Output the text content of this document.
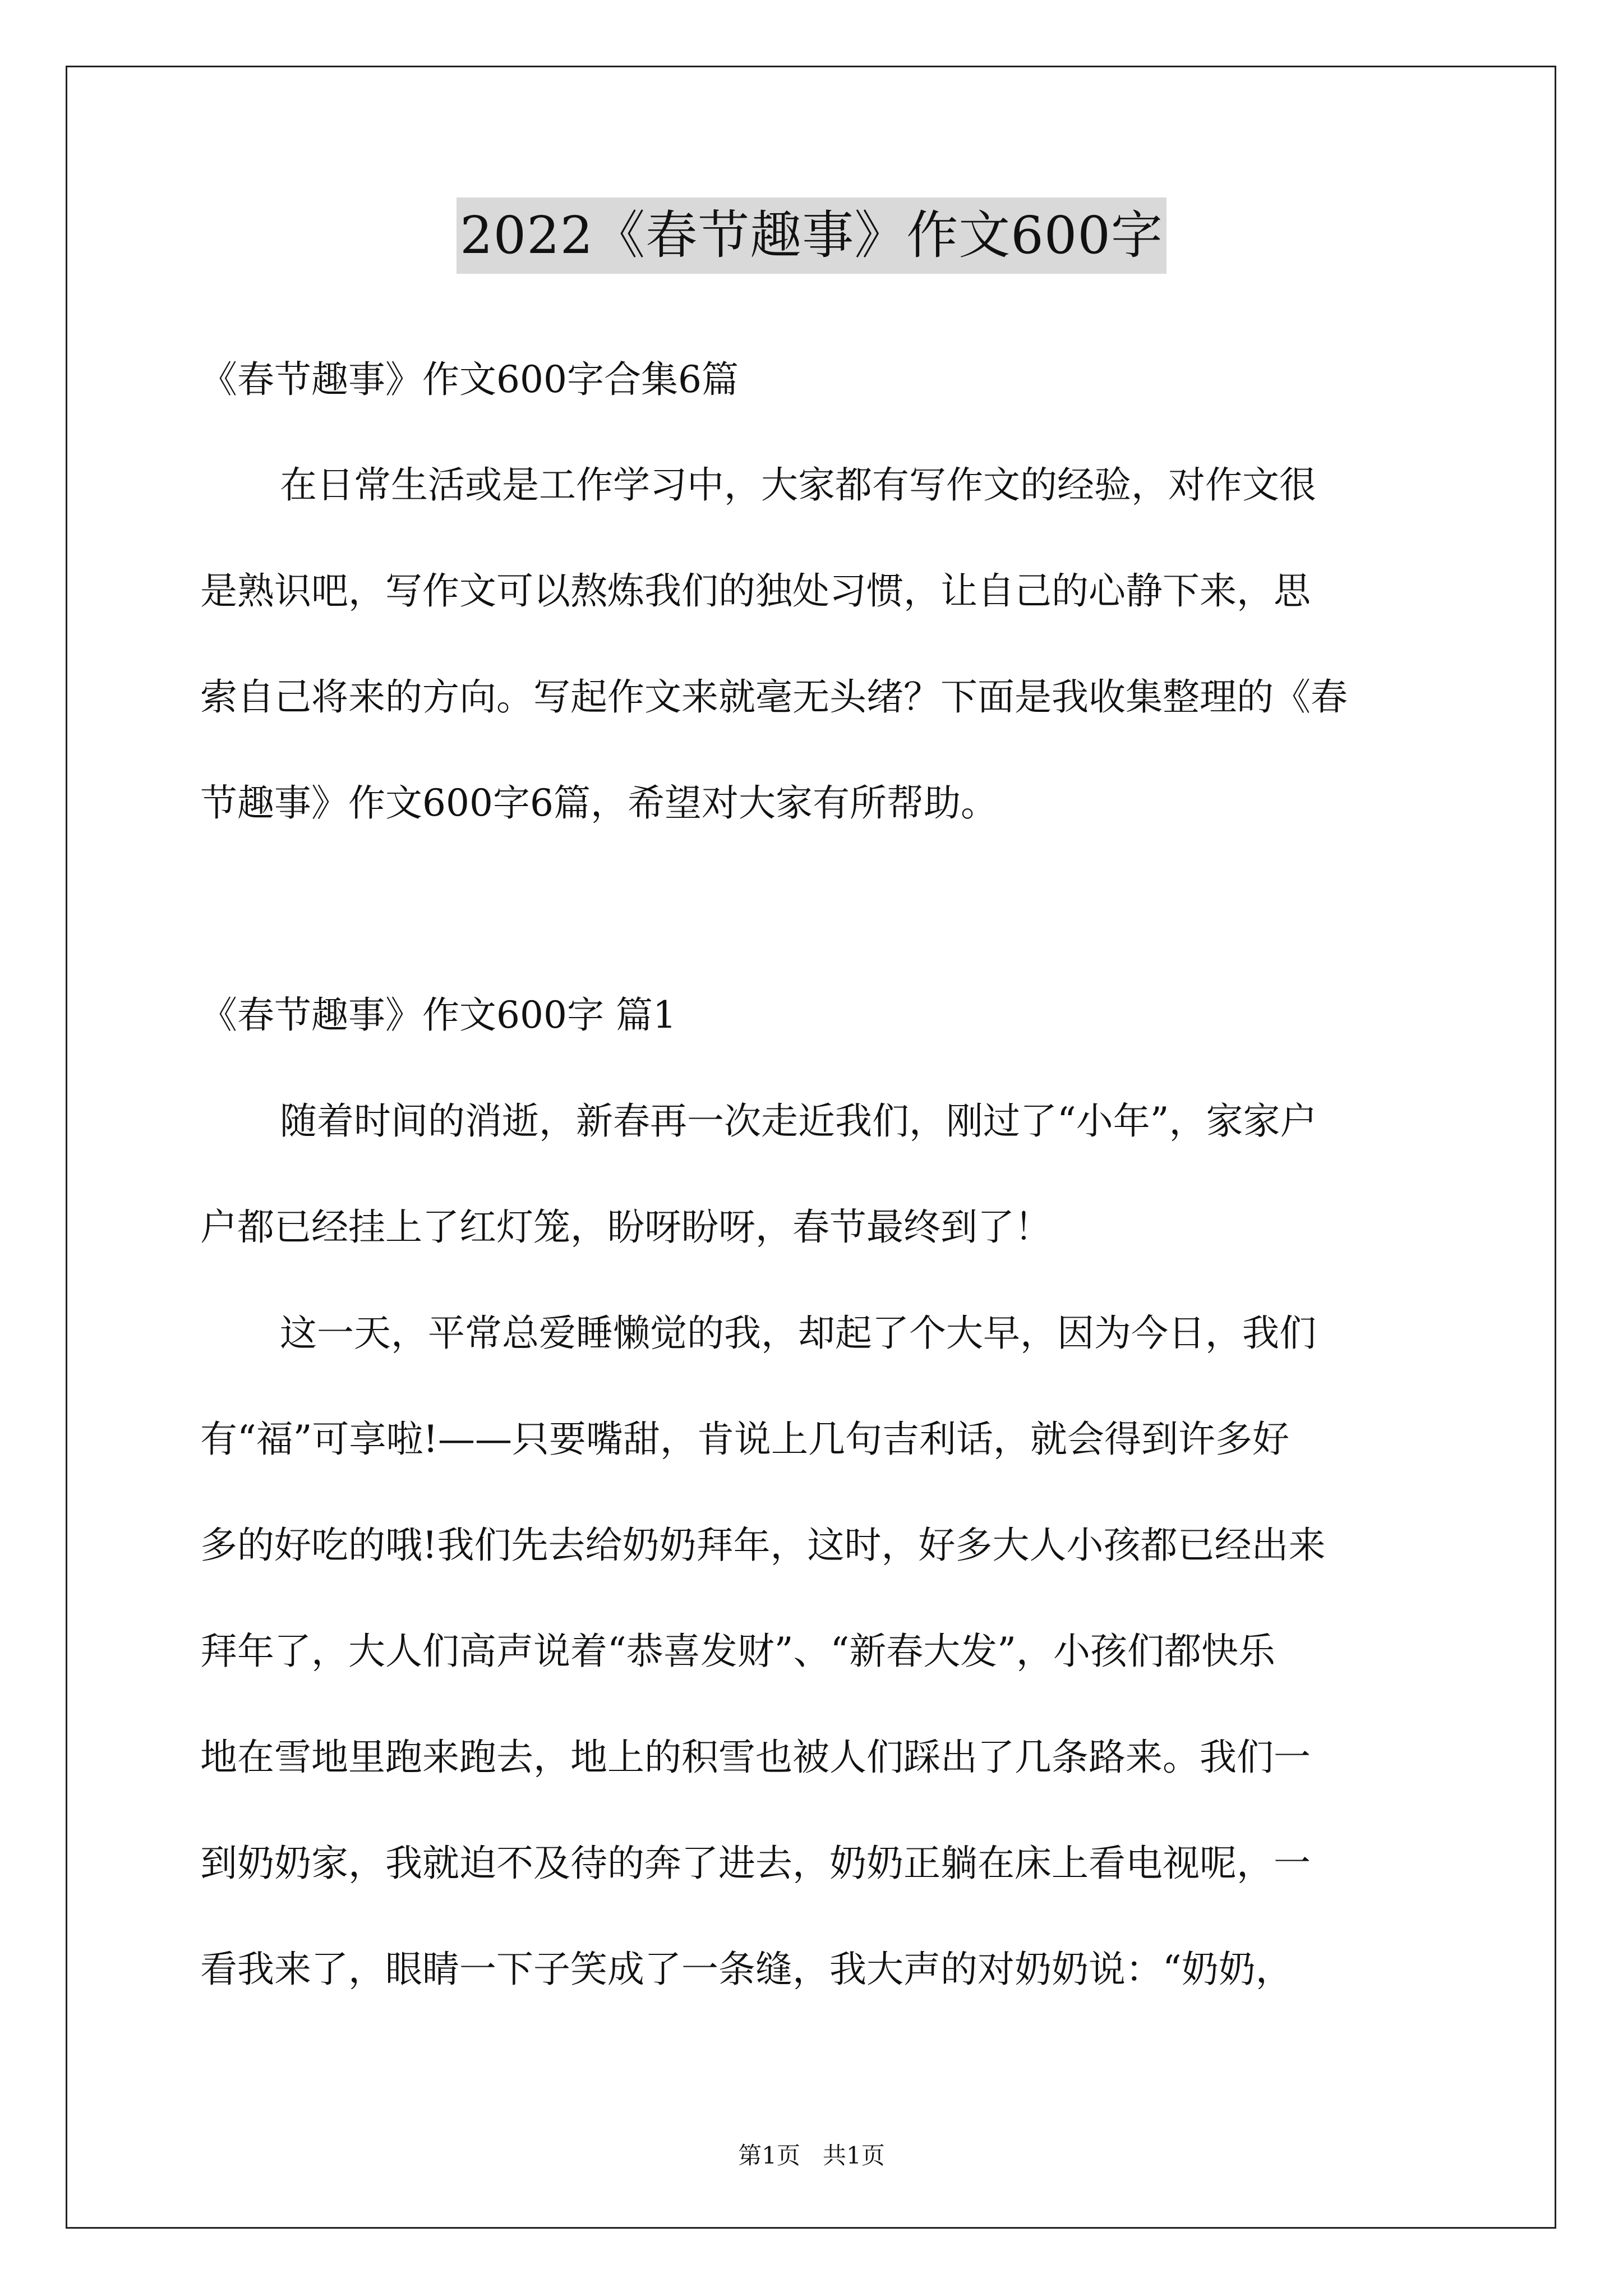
2022《春节趣事》作文600字
《春节趣事》作文600字合集6篇
在日常生活或是工作学习中，大家都有写作文的经验，对作文很
是熟识吧，写作文可以熬炼我们的独处习惯，让自己的心静下来，思
索自己将来的方向。写起作文来就毫无头绪？下面是我收集整理的《春
节趣事》作文600字6篇，希望对大家有所帮助。
《春节趣事》作文600字 篇1
随着时间的消逝，新春再一次走近我们，刚过了“小年”，家家户
户都已经挂上了红灯笼，盼呀盼呀，春节最终到了！
这一天，平常总爱睡懒觉的我，却起了个大早，因为今日，我们
有“福”可享啦!——只要嘴甜，肯说上几句吉利话，就会得到许多好
多的好吃的哦!我们先去给奶奶拜年，这时，好多大人小孩都已经出来
拜年了，大人们高声说着“恭喜发财”、“新春大发”，小孩们都快乐
地在雪地里跑来跑去，地上的积雪也被人们踩出了几条路来。我们一
到奶奶家，我就迫不及待的奔了进去，奶奶正躺在床上看电视呢，一
看我来了，眼睛一下子笑成了一条缝，我大声的对奶奶说：“奶奶，
第1页   共1页
